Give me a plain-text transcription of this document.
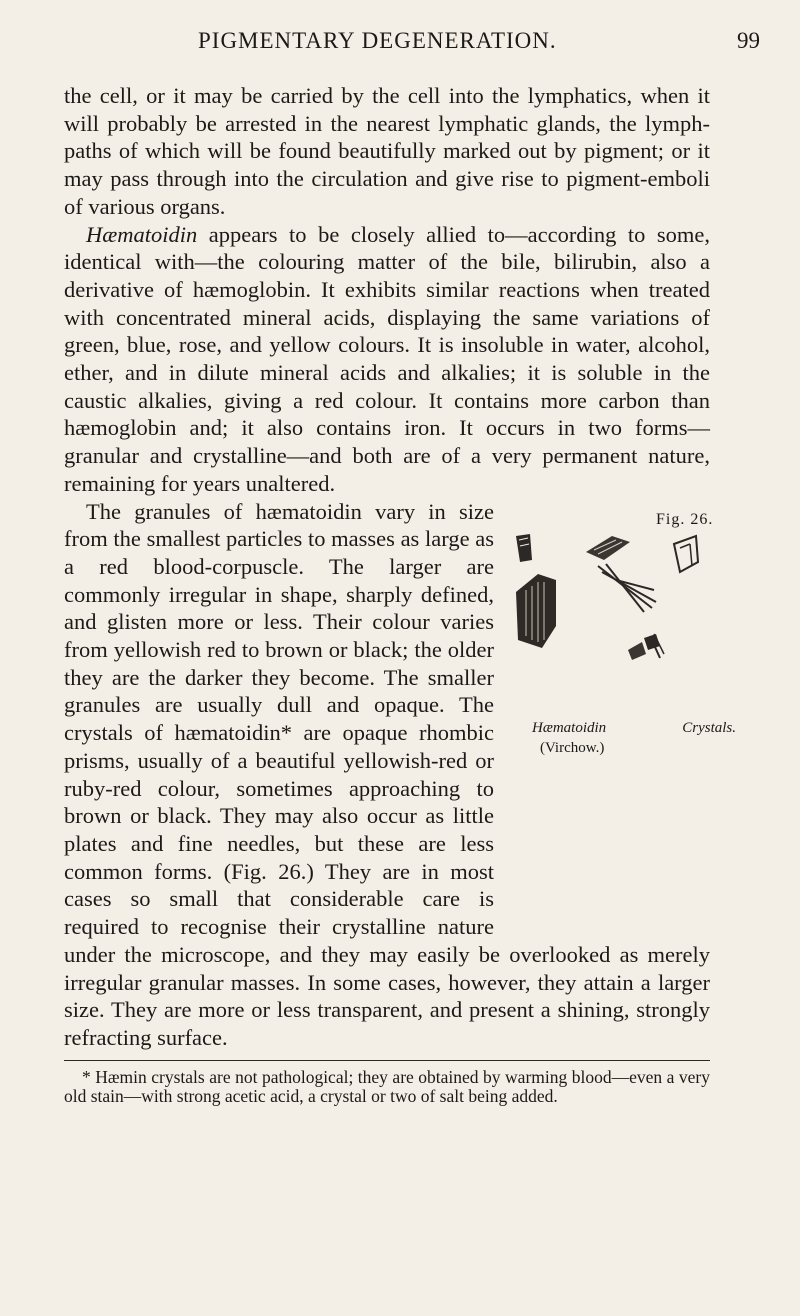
PIGMENTARY DEGENERATION.	99

the cell, or it may be carried by the cell into the lymphatics, when it will probably be arrested in the nearest lymphatic glands, the lymph-paths of which will be found beautifully marked out by pigment; or it may pass through into the circulation and give rise to pigment-emboli of various organs.

Hæmatoidin appears to be closely allied to—according to some, identical with—the colouring matter of the bile, bilirubin, also a derivative of hæmoglobin. It exhibits similar reactions when treated with concentrated mineral acids, displaying the same variations of green, blue, rose, and yellow colours. It is insoluble in water, alcohol, ether, and in dilute mineral acids and alkalies; it is soluble in the caustic alkalies, giving a red colour. It contains more carbon than hæmoglobin and; it also contains iron. It occurs in two forms—granular and crystalline—and both are of a very permanent nature, remaining for years unaltered.

Fig. 26.
Hæmatoidin	Crystals.
(Virchow.)
The granules of hæmatoidin vary in size from the smallest particles to masses as large as a red blood-corpuscle. The larger are commonly irregular in shape, sharply defined, and glisten more or less. Their colour varies from yellowish red to brown or black; the older they are the darker they become. The smaller granules are usually dull and opaque. The crystals of hæmatoidin* are opaque rhombic prisms, usually of a beautiful yellowish-red or ruby-red colour, sometimes approaching to brown or black. They may also occur as little plates and fine needles, but these are less common forms. (Fig. 26.) They are in most cases so small that considerable care is required to recognise their crystalline nature under the microscope, and they may easily be overlooked as merely irregular granular masses. In some cases, however, they attain a larger size. They are more or less transparent, and present a shining, strongly refracting surface.

* Hæmin crystals are not pathological; they are obtained by warming blood—even a very old stain—with strong acetic acid, a crystal or two of salt being added.
